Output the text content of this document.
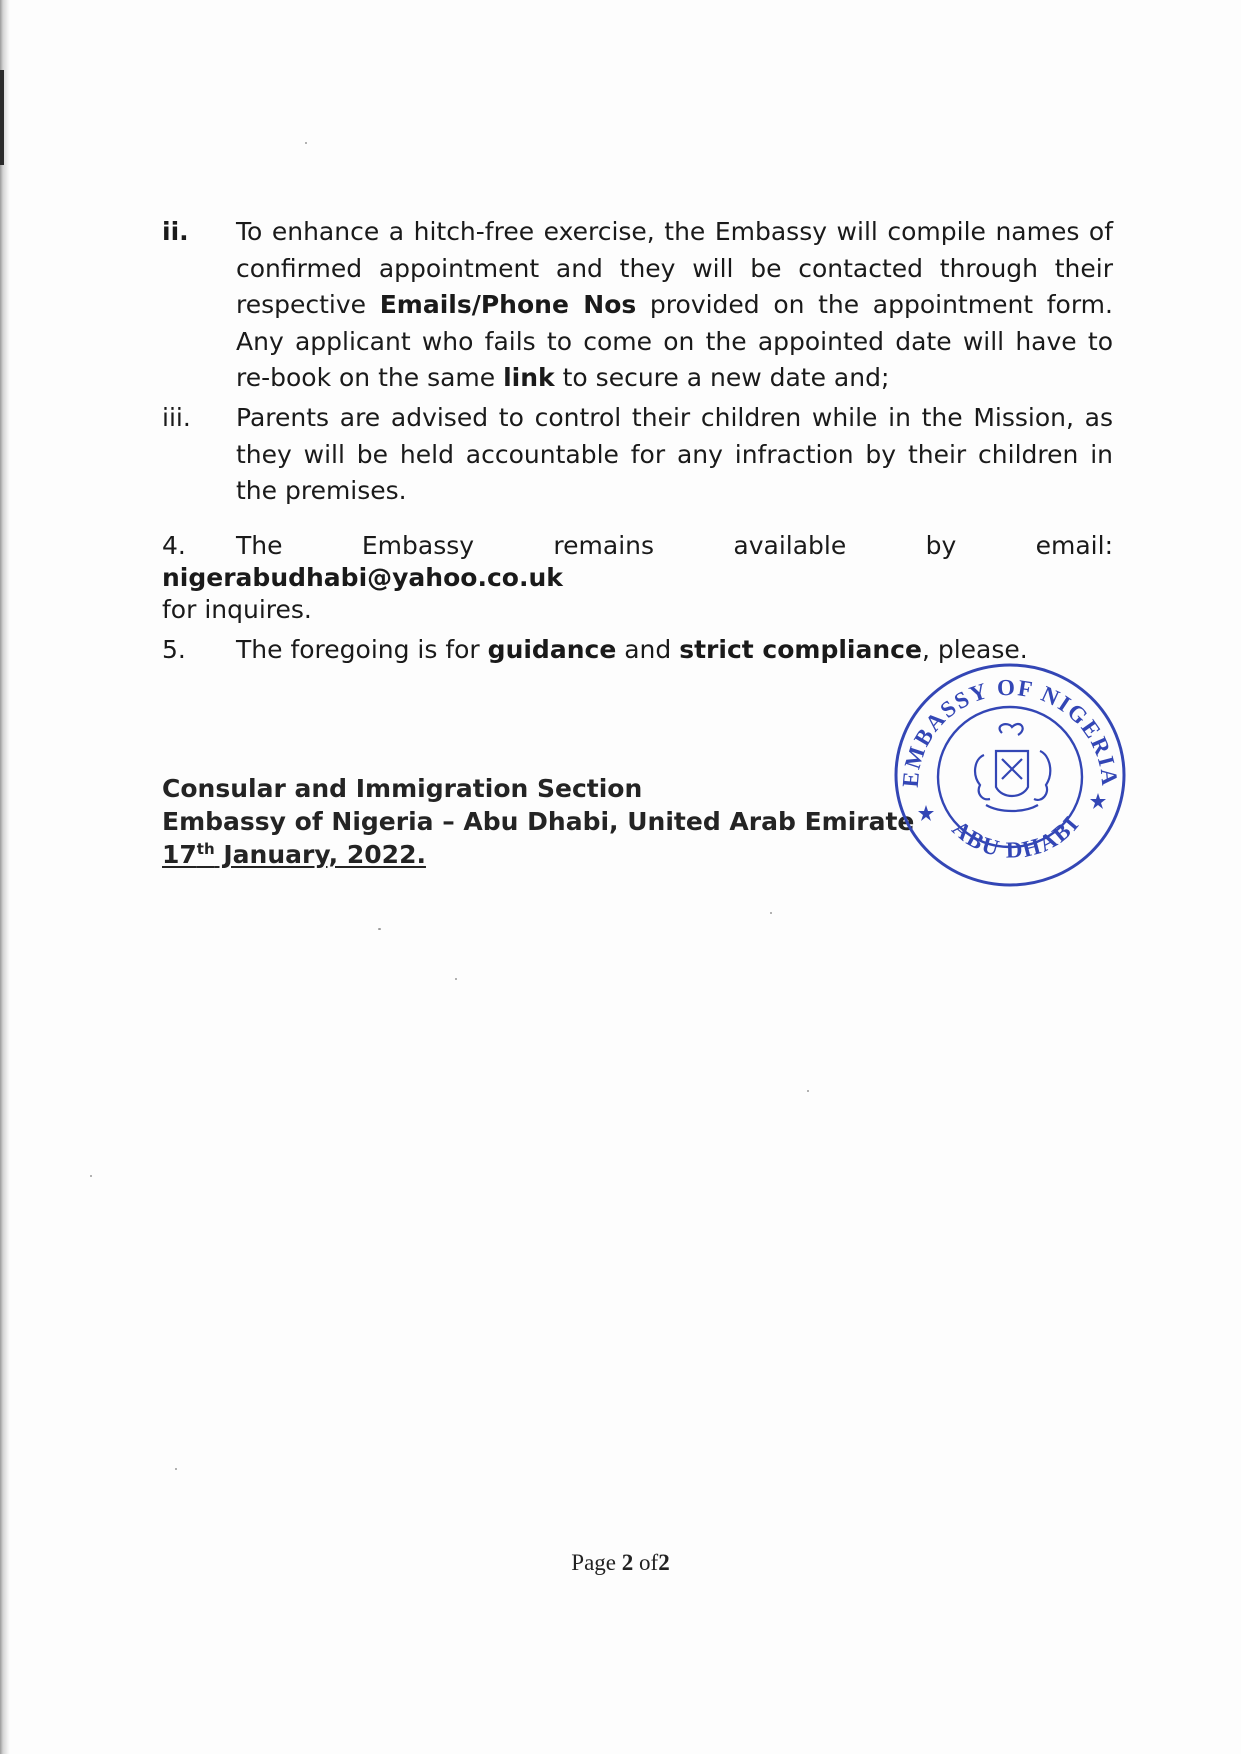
ii.	To enhance a hitch-free exercise, the Embassy will compile names of confirmed appointment and they will be contacted through their respective Emails/Phone Nos provided on the appointment form. Any applicant who fails to come on the appointed date will have to re-book on the same link to secure a new date and;
iii.	Parents are advised to control their children while in the Mission, as they will be held accountable for any infraction by their children in the premises.
4. The Embassy remains available by email: nigerabudhabi@yahoo.co.uk
for inquires.
5. The foregoing is for guidance and strict compliance, please.
Consular and Immigration Section
Embassy of Nigeria – Abu Dhabi, United Arab Emirate
17th January, 2022.
EMBASSY OF NIGERIA
ABU DHABI
Page 2 of2
